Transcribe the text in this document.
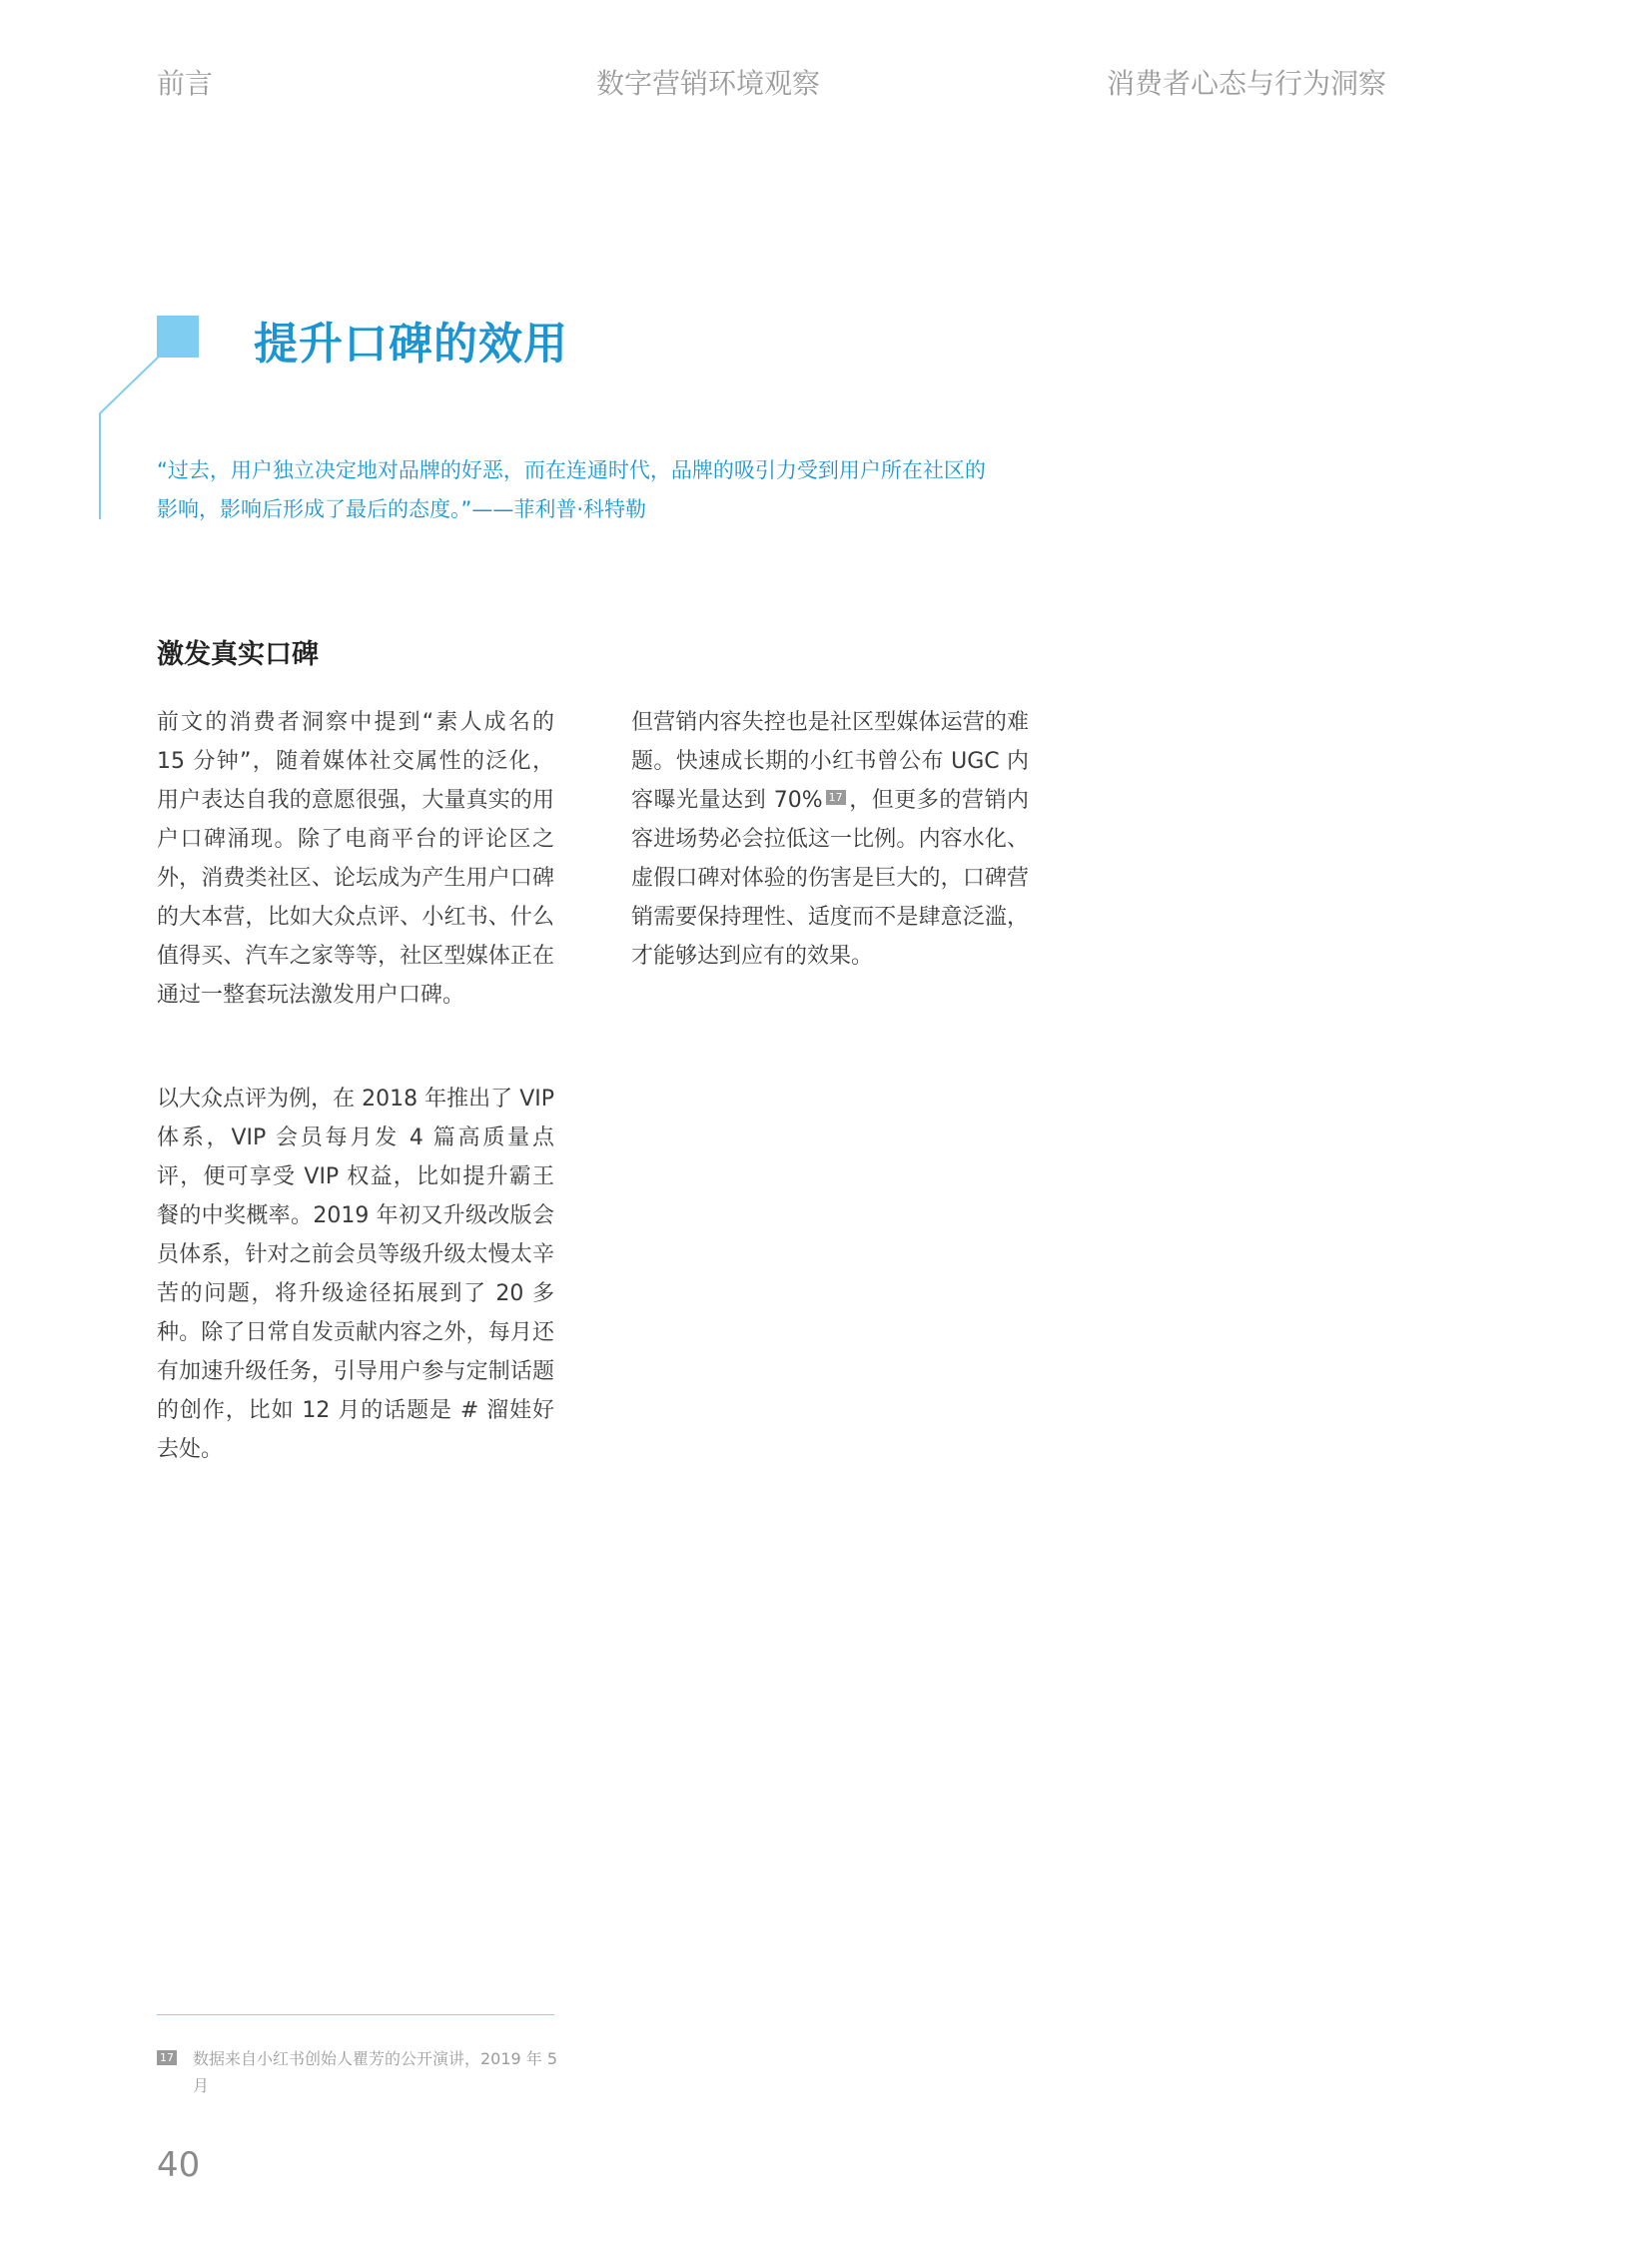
前言	数字营销环境观察	消费者心态与行为洞察
提升口碑的效用
“过去，用户独立决定地对品牌的好恶，而在连通时代，品牌的吸引力受到用户所在社区的
影响，影响后形成了最后的态度。”——菲利普·科特勒
激发真实口碑

前文的消费者洞察中提到“素人成名的 15 分钟”，随着媒体社交属性的泛化，用户表达自我的意愿很强，大量真实的用户口碑涌现。除了电商平台的评论区之外，消费类社区、论坛成为产生用户口碑的大本营，比如大众点评、小红书、什么值得买、汽车之家等等，社区型媒体正在通过一整套玩法激发用户口碑。

以大众点评为例，在 2018 年推出了 VIP 体系，VIP 会员每月发 4 篇高质量点评，便可享受 VIP 权益，比如提升霸王餐的中奖概率。2019 年初又升级改版会员体系，针对之前会员等级升级太慢太辛苦的问题，将升级途径拓展到了 20 多种。除了日常自发贡献内容之外，每月还有加速升级任务，引导用户参与定制话题的创作，比如 12 月的话题是 # 溜娃好去处。

但营销内容失控也是社区型媒体运营的难题。快速成长期的小红书曾公布 UGC 内容曝光量达到 70% 17 ，但更多的营销内容进场势必会拉低这一比例。内容水化、虚假口碑对体验的伤害是巨大的，口碑营销需要保持理性、适度而不是肆意泛滥，才能够达到应有的效果。

17 数据来自小红书创始人瞿芳的公开演讲，2019 年 5 月
40
